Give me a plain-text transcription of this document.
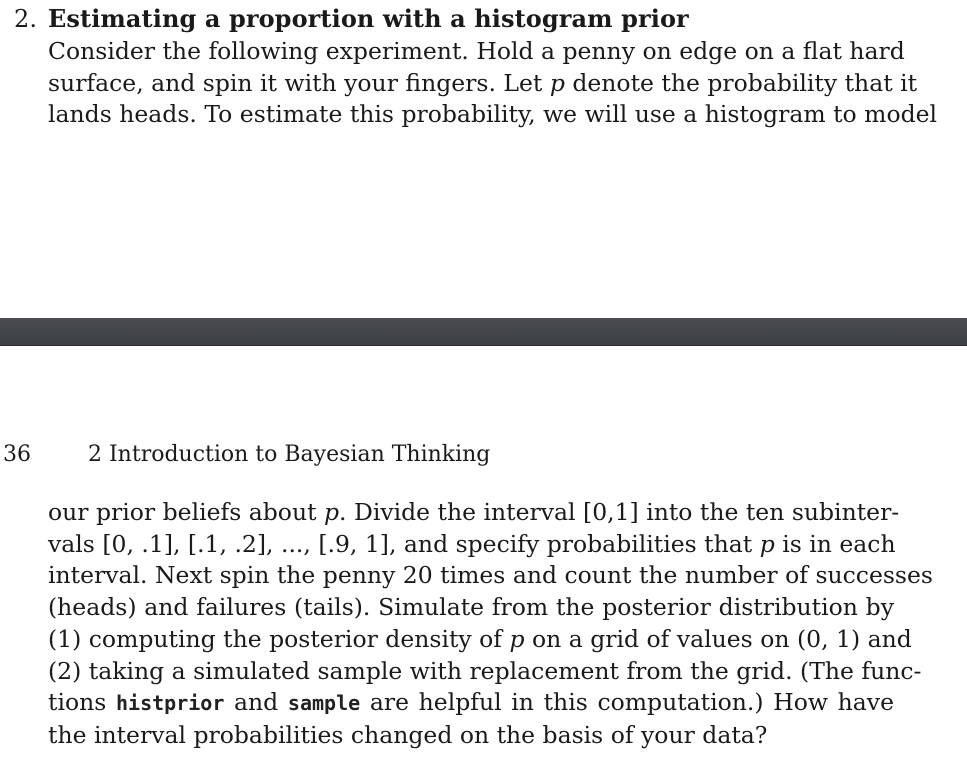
2. Estimating a proportion with a histogram prior
Consider the following experiment. Hold a penny on edge on a flat hard
surface, and spin it with your fingers. Let p denote the probability that it
lands heads. To estimate this probability, we will use a histogram to model
36	2 Introduction to Bayesian Thinking
our prior beliefs about p. Divide the interval [0,1] into the ten subinter-
vals [0, .1], [.1, .2], ..., [.9, 1], and specify probabilities that p is in each
interval. Next spin the penny 20 times and count the number of successes
(heads) and failures (tails). Simulate from the posterior distribution by
(1) computing the posterior density of p on a grid of values on (0, 1) and
(2) taking a simulated sample with replacement from the grid. (The func-
tions histprior and sample are helpful in this computation.) How have
the interval probabilities changed on the basis of your data?
